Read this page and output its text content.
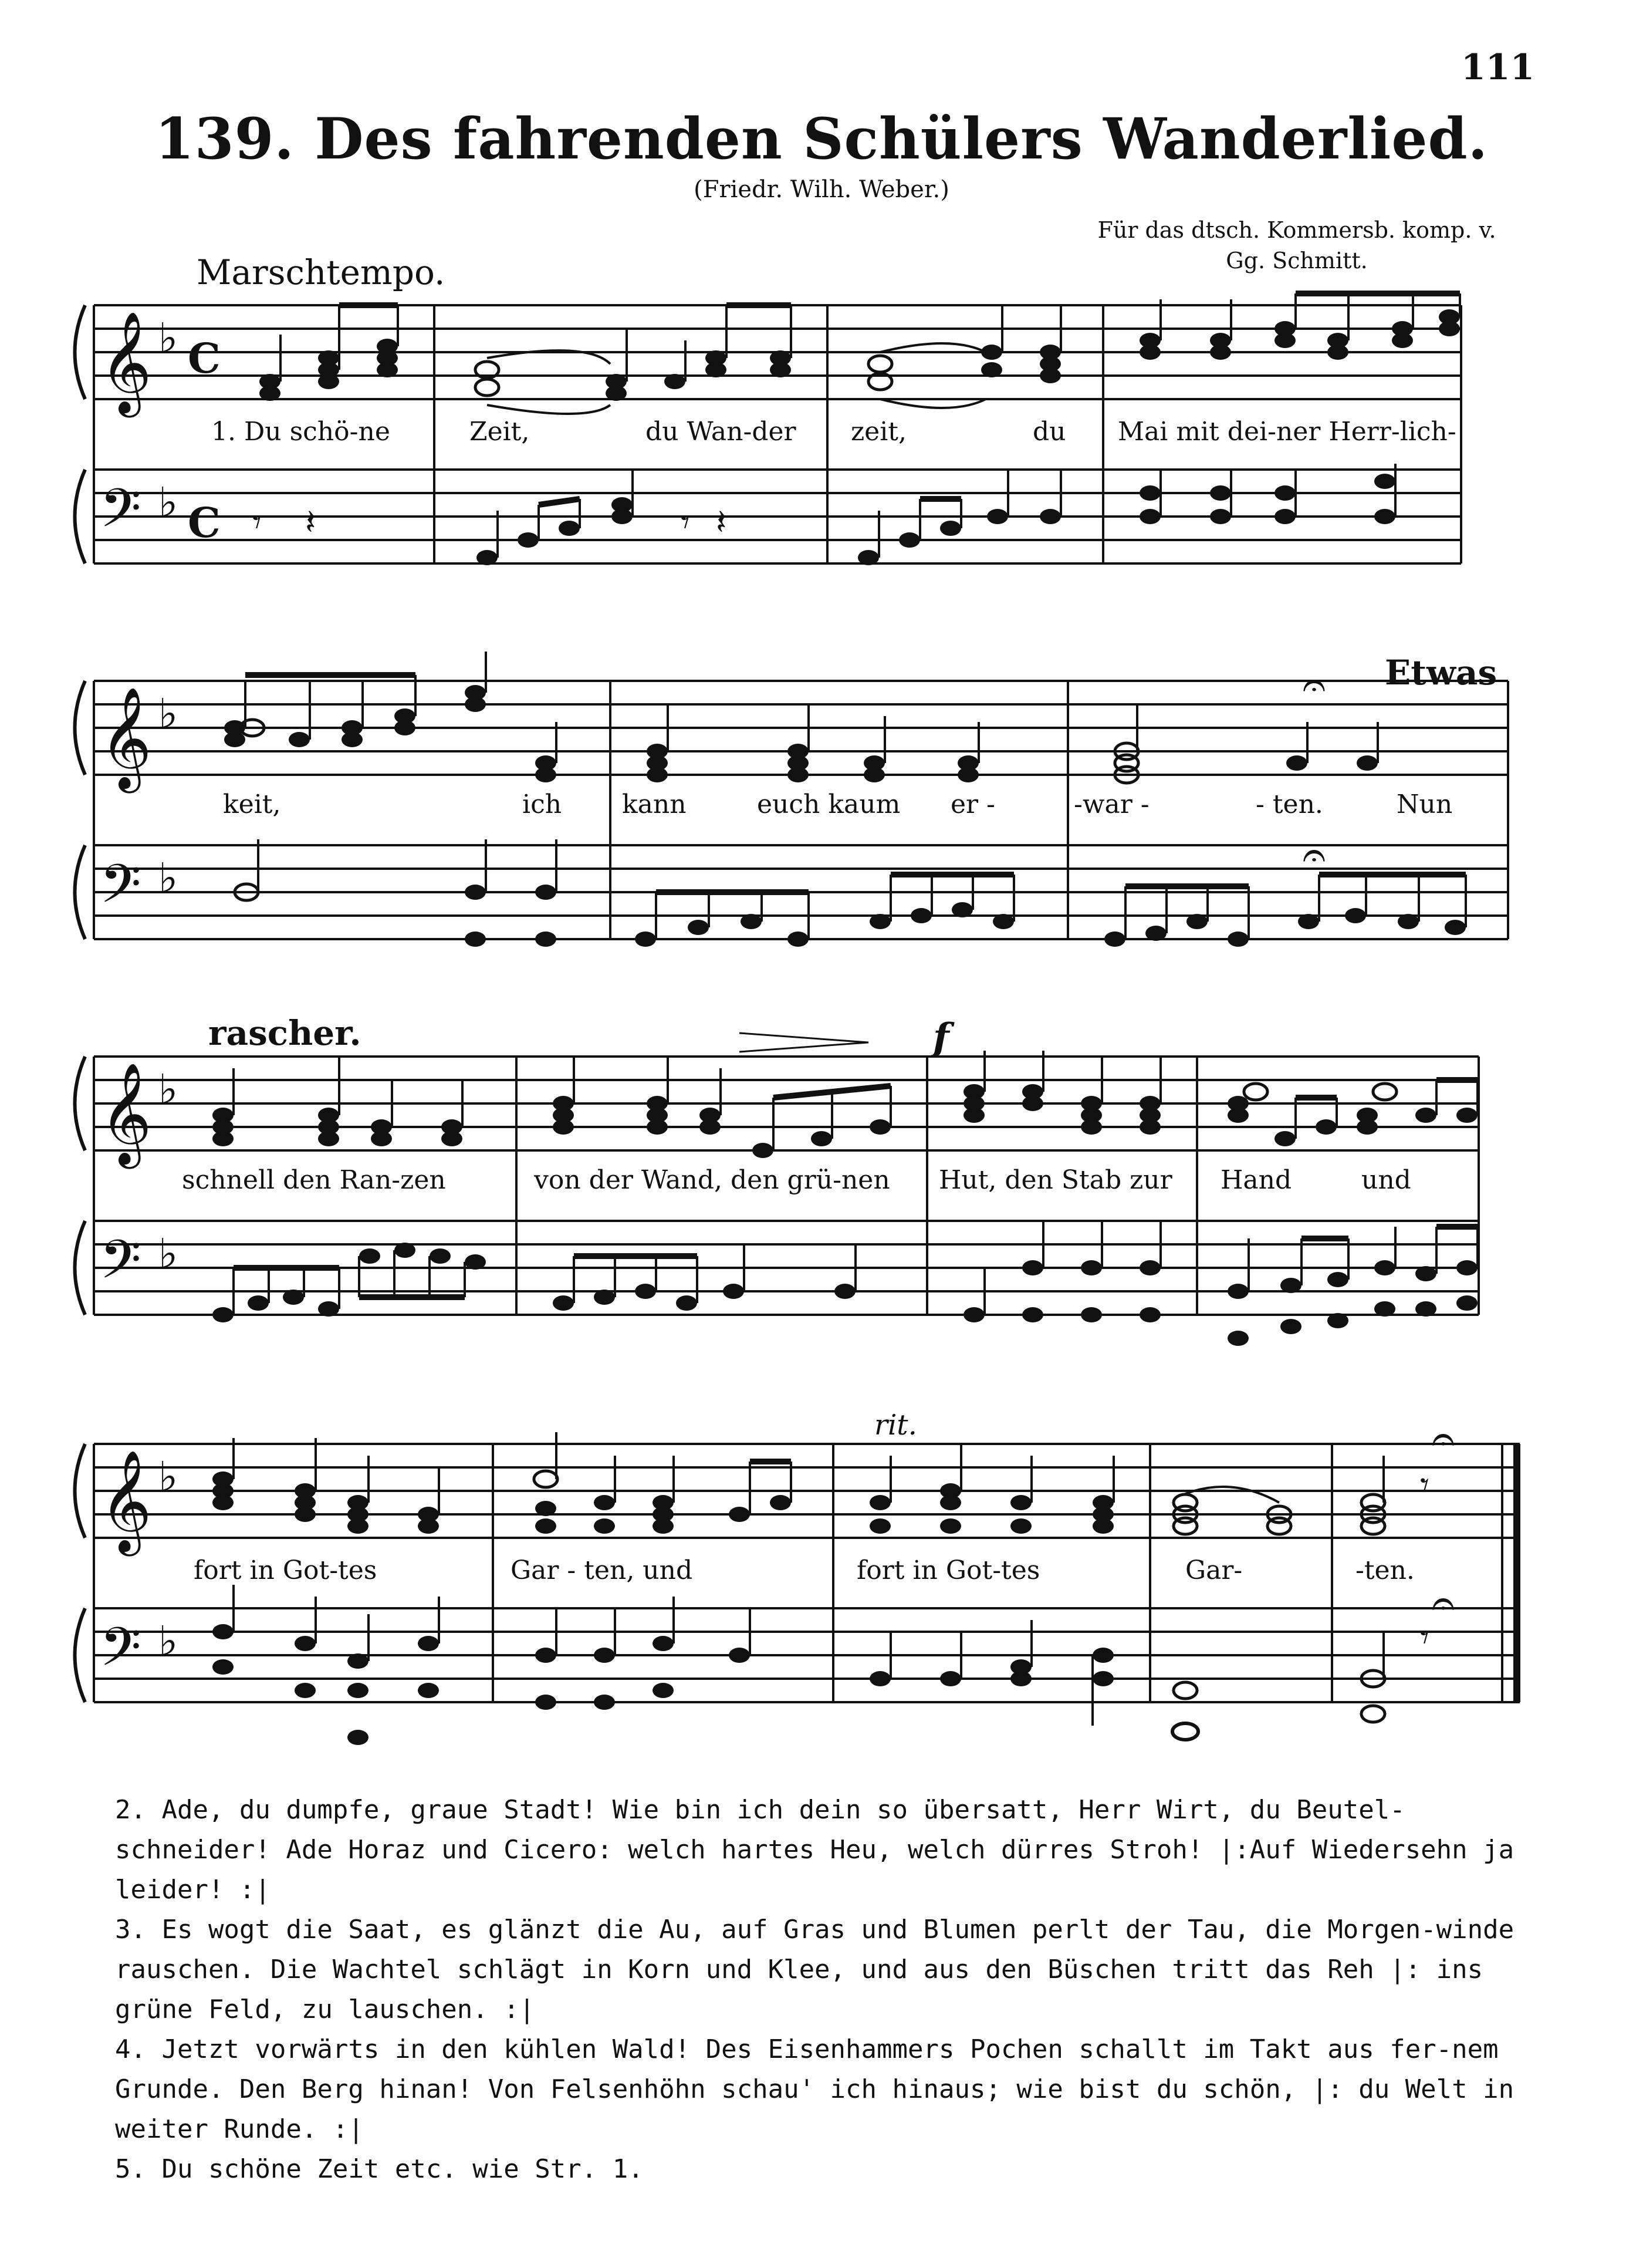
111
139. Des fahrenden Schülers Wanderlied.
(Friedr. Wilh. Weber.)
Für das dtsch. Kommersb. komp. v.
Gg. Schmitt.
Marschtempo.
Etwas
rascher.	f
rit.
𝄞
𝄢
♭
♭
C
C 𝄾 𝄽	𝄾 𝄽
𝄞
𝄢
♭
♭
𝄐
𝄐
𝄞
𝄢
♭
♭
𝄞
𝄢
♭
♭
𝄐
𝄐
𝄾
𝄾
1. Du schö-ne	Zeit,	du Wan-der zeit,	du Mai mit dei-ner Herr-lich-
keit,	ich kann	euch kaum er -	-war -	- ten.	Nun
schnell den Ran-zen	von der Wand, den grü-nen Hut, den Stab zur Hand	und
fort in Got-tes	Gar - ten, und	fort in Got-tes	Gar-	-ten.

2. Ade, du dumpfe, graue Stadt! Wie bin ich dein so übersatt, Herr Wirt, du Beutel-schneider! Ade Horaz und Cicero: welch hartes Heu, welch dürres Stroh! |:Auf Wiedersehn ja leider! :|

3. Es wogt die Saat, es glänzt die Au, auf Gras und Blumen perlt der Tau, die Morgen-winde rauschen. Die Wachtel schlägt in Korn und Klee, und aus den Büschen tritt das Reh |: ins grüne Feld, zu lauschen. :|

4. Jetzt vorwärts in den kühlen Wald! Des Eisenhammers Pochen schallt im Takt aus fer-nem Grunde. Den Berg hinan! Von Felsenhöhn schau' ich hinaus; wie bist du schön, |: du Welt in weiter Runde. :|

5. Du schöne Zeit etc. wie Str. 1.
